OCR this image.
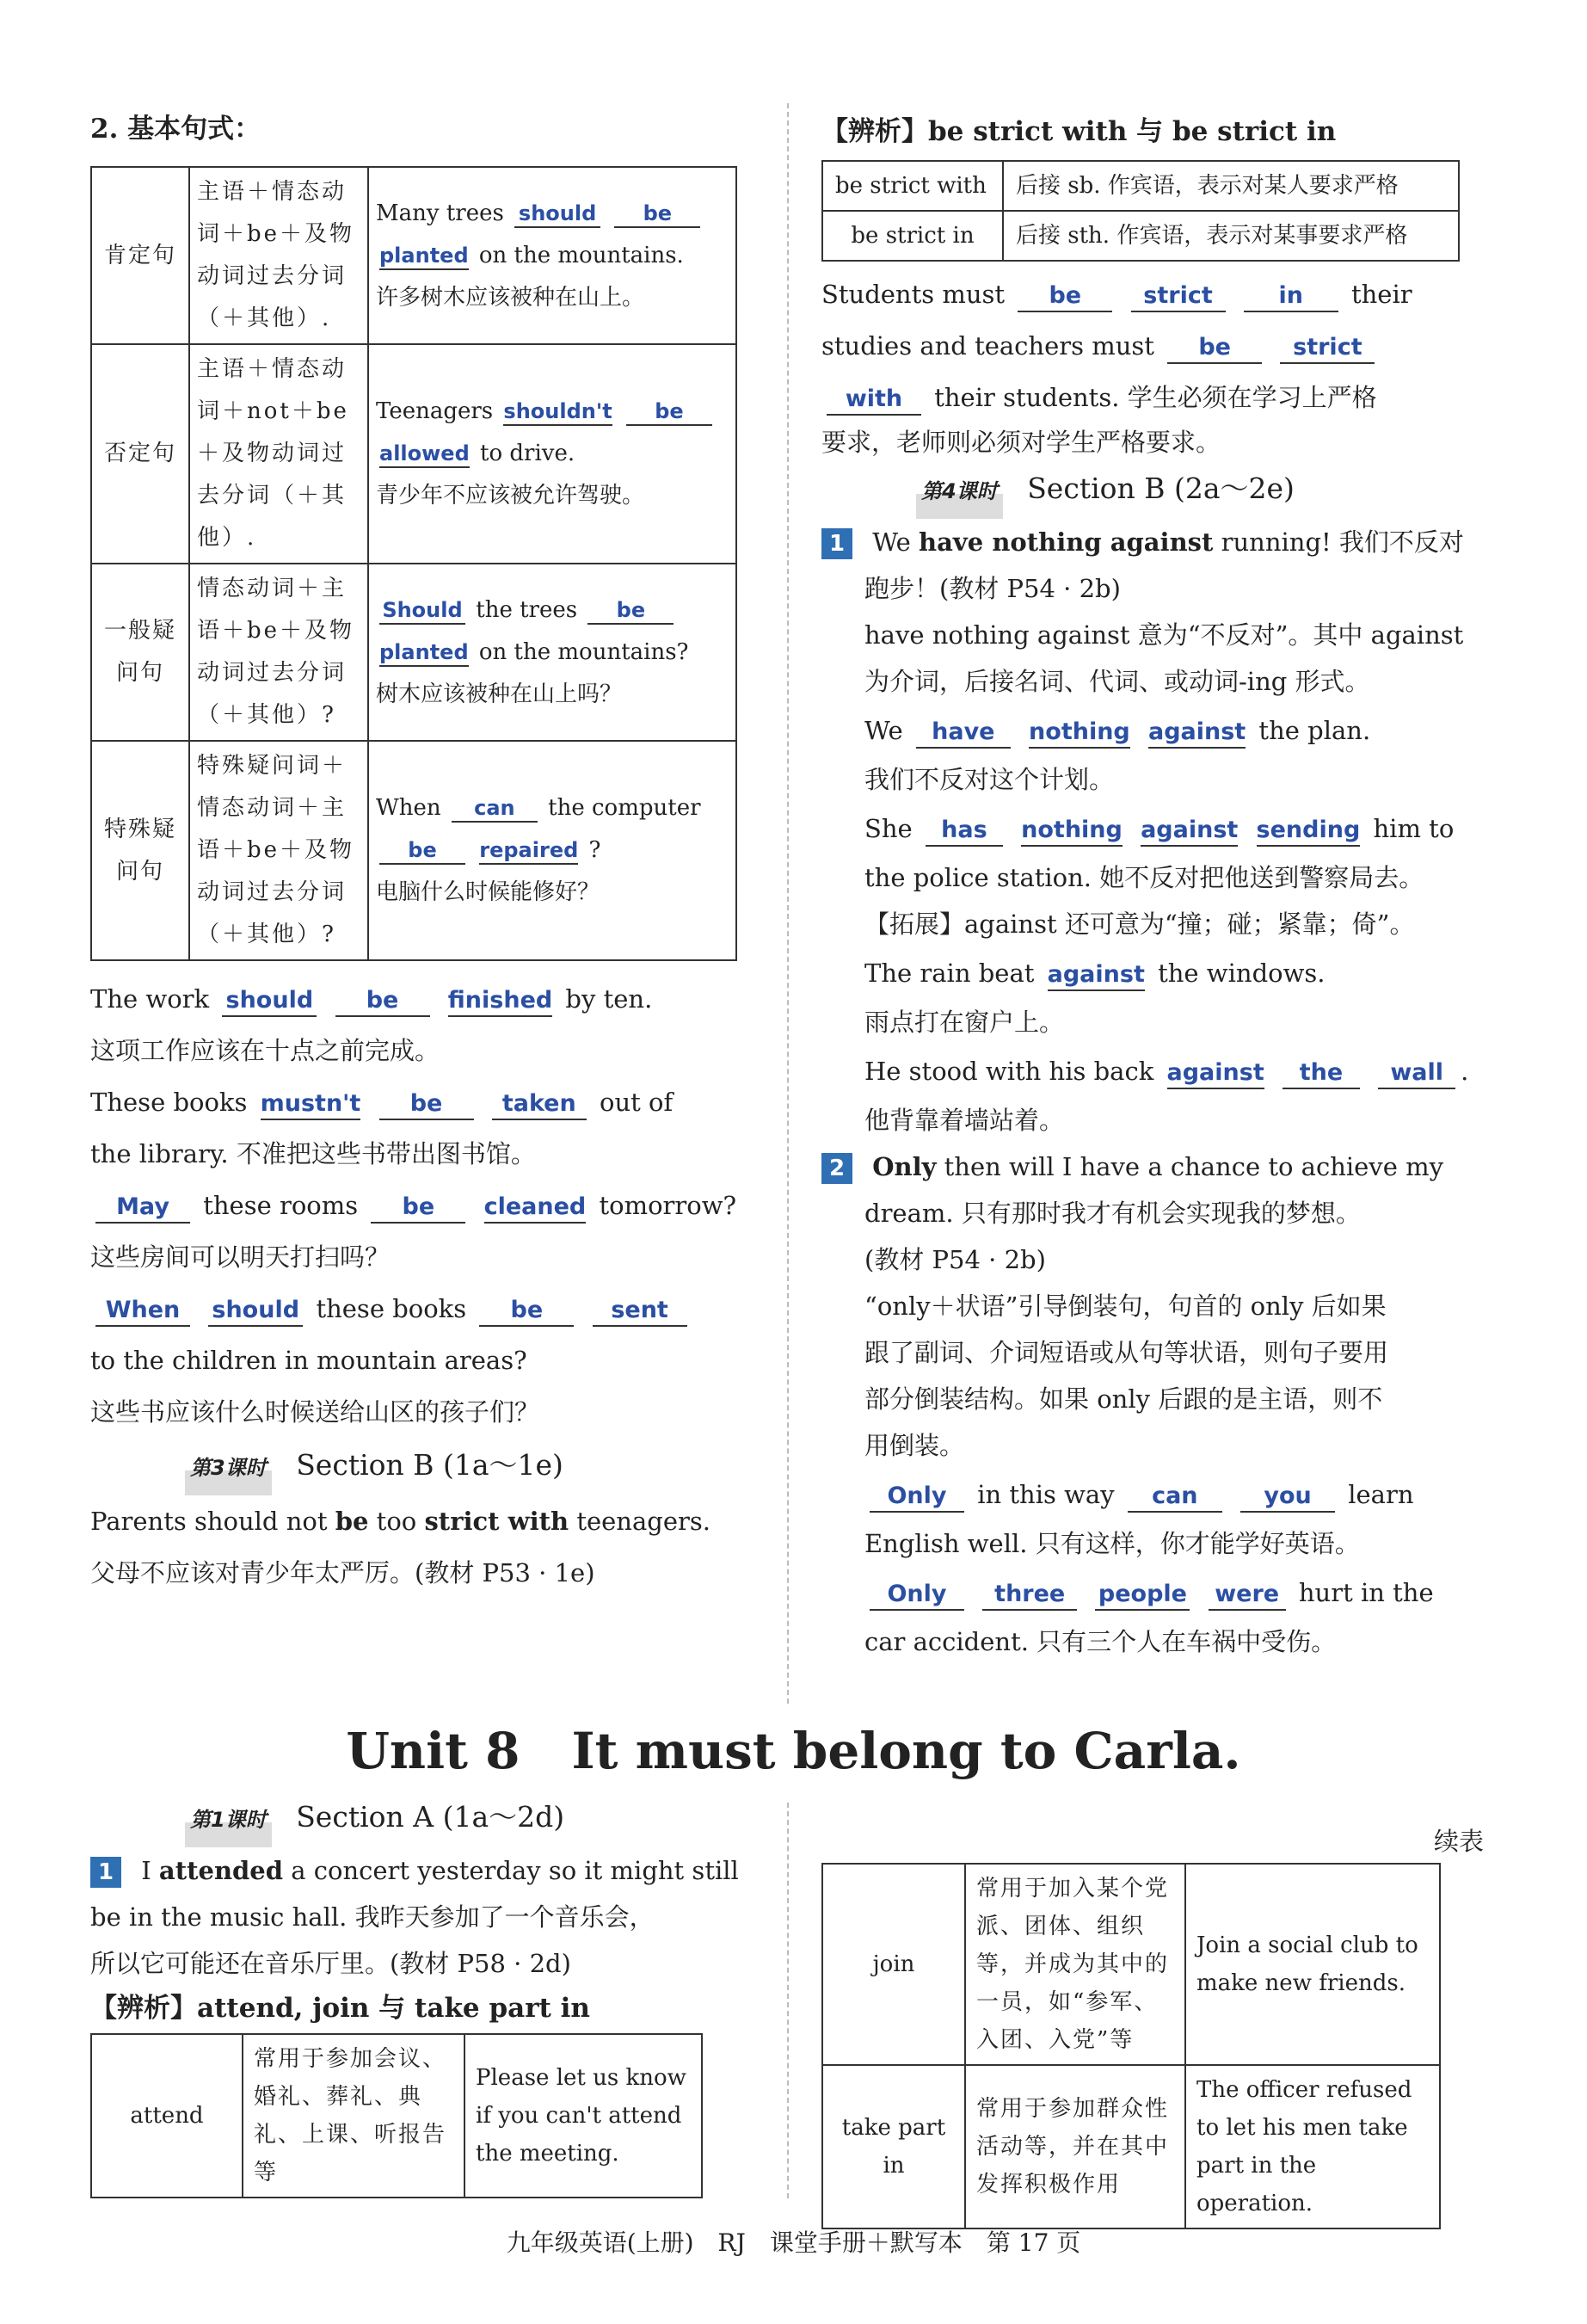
2. 基本句式：
肯定句	主语＋情态动词＋be＋及物动词过去分词（＋其他）.	Many trees should be
planted on the mountains.
许多树木应该被种在山上。
否定句	主语＋情态动词＋not＋be＋及物动词过去分词（＋其他）.	Teenagers shouldn't be
allowed to drive.
青少年不应该被允许驾驶。
一般疑问句	情态动词＋主语＋be＋及物动词过去分词（＋其他）?	Should the trees be
planted on the mountains?
树木应该被种在山上吗？
特殊疑问句	特殊疑问词＋情态动词＋主语＋be＋及物动词过去分词（＋其他）?	When can the computer
be repaired ?
电脑什么时候能修好？
The work should be finished by ten.
这项工作应该在十点之前完成。
These books mustn't be	taken out of
the library. 不准把这些书带出图书馆。
May these rooms be cleaned tomorrow?
这些房间可以明天打扫吗？
When should these books be	sent
to the children in mountain areas?
这些书应该什么时候送给山区的孩子们？
第3课时 Section B (1a～1e)
Parents should not be too strict with teenagers.
父母不应该对青少年太严厉。(教材 P53 · 1e)
【辨析】be strict with 与 be strict in
be strict with	后接 sb. 作宾语，表示对某人要求严格
be strict in	后接 sth. 作宾语，表示对某事要求严格
Students must be	strict	in their
studies and teachers must be	strict
with their students. 学生必须在学习上严格
要求，老师则必须对学生严格要求。
第4课时 Section B (2a～2e)
1 We have nothing against running! 我们不反对
跑步！(教材 P54 · 2b)
have nothing against 意为“不反对”。其中 against
为介词，后接名词、代词、或动词-ing 形式。
We have nothing against the plan.
我们不反对这个计划。
She has nothing against sending him to
the police station. 她不反对把他送到警察局去。
【拓展】against 还可意为“撞；碰；紧靠；倚”。
The rain beat against the windows.
雨点打在窗户上。
He stood with his back against the wall .
他背靠着墙站着。
2 Only then will I have a chance to achieve my
dream. 只有那时我才有机会实现我的梦想。
(教材 P54 · 2b)
“only＋状语”引导倒装句，句首的 only 后如果
跟了副词、介词短语或从句等状语，则句子要用
部分倒装结构。如果 only 后跟的是主语，则不
用倒装。
Only in this way can	you learn
English well. 只有这样，你才能学好英语。
Only three people were hurt in the
car accident. 只有三个人在车祸中受伤。
Unit 8 It must belong to Carla.
第1课时 Section A (1a～2d)
1 I attended a concert yesterday so it might still
be in the music hall. 我昨天参加了一个音乐会，
所以它可能还在音乐厅里。(教材 P58 · 2d)
【辨析】attend, join 与 take part in
attend	常用于参加会议、婚礼、葬礼、典礼、上课、听报告等	Please let us know if you can't attend the meeting.
续表
join	常用于加入某个党派、团体、组织等，并成为其中的一员，如“参军、入团、入党”等	Join a social club to make new friends.
take part in	常用于参加群众性活动等，并在其中发挥积极作用	The officer refused to let his men take part in the operation.
九年级英语(上册)　RJ　课堂手册＋默写本　第 17 页
